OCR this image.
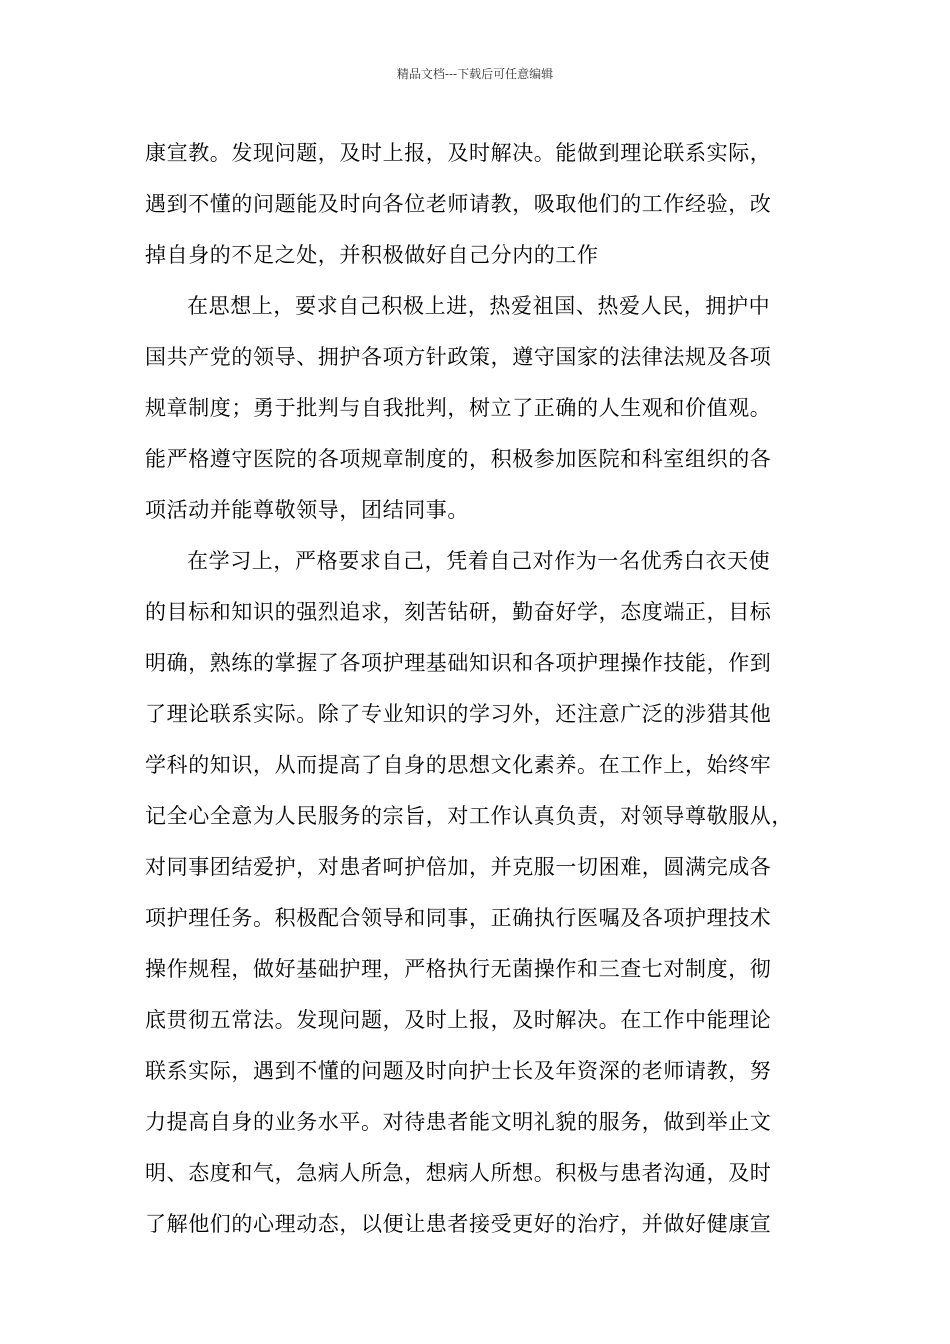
精品文档---下载后可任意编辑

康宣教。发现问题，及时上报，及时解决。能做到理论联系实际，
遇到不懂的问题能及时向各位老师请教，吸取他们的工作经验，改
掉自身的不足之处，并积极做好自己分内的工作

在思想上，要求自己积极上进，热爱祖国、热爱人民，拥护中
国共产党的领导、拥护各项方针政策，遵守国家的法律法规及各项
规章制度；勇于批判与自我批判，树立了正确的人生观和价值观。
能严格遵守医院的各项规章制度的，积极参加医院和科室组织的各
项活动并能尊敬领导，团结同事。

在学习上，严格要求自己，凭着自己对作为一名优秀白衣天使
的目标和知识的强烈追求，刻苦钻研，勤奋好学，态度端正，目标
明确，熟练的掌握了各项护理基础知识和各项护理操作技能，作到
了理论联系实际。除了专业知识的学习外，还注意广泛的涉猎其他
学科的知识，从而提高了自身的思想文化素养。在工作上，始终牢
记全心全意为人民服务的宗旨，对工作认真负责，对领导尊敬服从，
对同事团结爱护，对患者呵护倍加，并克服一切困难，圆满完成各
项护理任务。积极配合领导和同事，正确执行医嘱及各项护理技术
操作规程，做好基础护理，严格执行无菌操作和三查七对制度，彻
底贯彻五常法。发现问题，及时上报，及时解决。在工作中能理论
联系实际，遇到不懂的问题及时向护士长及年资深的老师请教，努
力提高自身的业务水平。对待患者能文明礼貌的服务，做到举止文
明、态度和气，急病人所急，想病人所想。积极与患者沟通，及时
了解他们的心理动态，以便让患者接受更好的治疗，并做好健康宣
